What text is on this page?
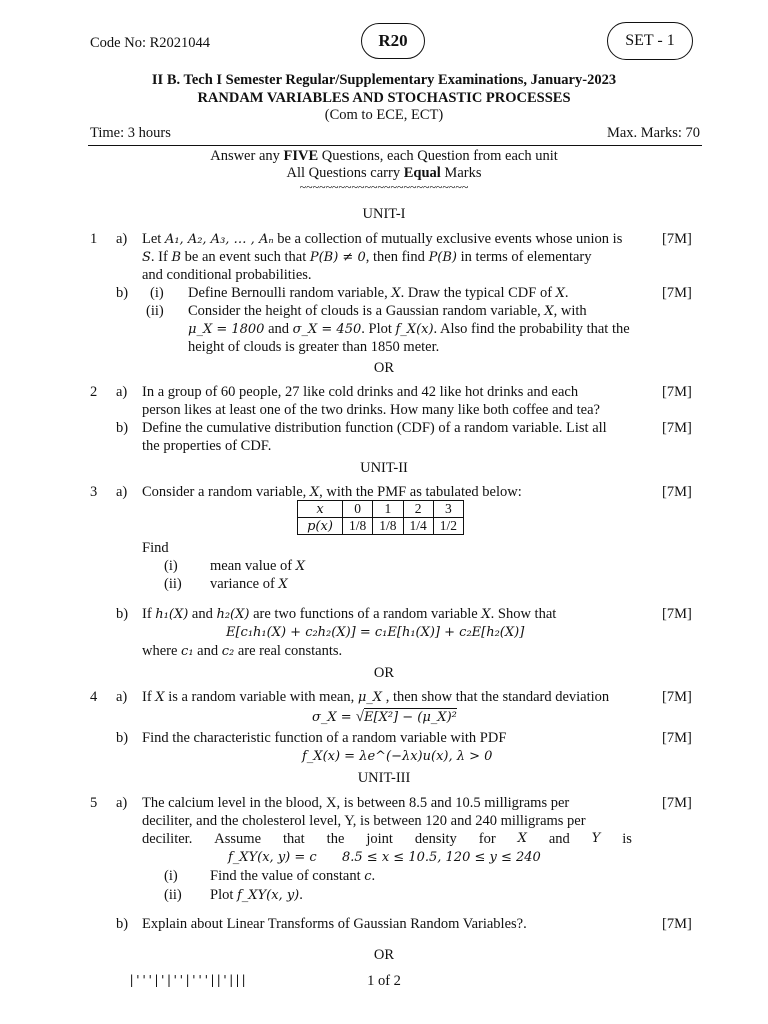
Code No: R2021044	R20	SET - 1
II B. Tech I Semester Regular/Supplementary Examinations, January-2023
RANDAM VARIABLES AND STOCHASTIC PROCESSES
(Com to ECE, ECT)
Time: 3 hours	Max. Marks: 70
Answer any FIVE Questions, each Question from each unit
All Questions carry Equal Marks
~~~~~~~~~~~~~~~~~~~~~~~~~~
UNIT-I
1 a) Let A₁, A₂, A₃, … , Aₙ be a collection of mutually exclusive events whose union is
S. If B be an event such that P(B) ≠ 0, then find P(B) in terms of elementary
and conditional probabilities.
[7M]
b) (i) Define Bernoulli random variable, X. Draw the typical CDF of X.	[7M]
(ii) Consider the height of clouds is a Gaussian random variable, X, with
μ_X = 1800 and σ_X = 450. Plot f_X(x). Also find the probability that the
height of clouds is greater than 1850 meter.
OR
2 a) In a group of 60 people, 27 like cold drinks and 42 like hot drinks and each
person likes at least one of the two drinks. How many like both coffee and tea?
[7M]
b) Define the cumulative distribution function (CDF) of a random variable. List all
the properties of CDF.
[7M]
UNIT-II
3 a) Consider a random variable, X, with the PMF as tabulated below:	[7M]
x	0	1	2	3
p(x)	1/8	1/8	1/4	1/2
Find
(i) mean value of X
(ii) variance of X
b) If h₁(X) and h₂(X) are two functions of a random variable X. Show that	[7M]
E[c₁h₁(X) + c₂h₂(X)] = c₁E[h₁(X)] + c₂E[h₂(X)]
where c₁ and c₂ are real constants.
OR
4 a) If X is a random variable with mean, μ_X , then show that the standard deviation	[7M]
σ_X = √E[X²] − (μ_X)²
b) Find the characteristic function of a random variable with PDF	[7M]
f_X(x) = λe^(−λx)u(x), λ > 0
UNIT-III
5 a) The calcium level in the blood, X, is between 8.5 and 10.5 milligrams per
deciliter, and the cholesterol level, Y, is between 120 and 240 milligrams per
deciliter. Assume that the joint density for X and Y is
[7M]
f_XY(x, y) = c 8.5 ≤ x ≤ 10.5, 120 ≤ y ≤ 240
(i) Find the value of constant c.
(ii) Plot f_XY(x, y).
b) Explain about Linear Transforms of Gaussian Random Variables?.	[7M]
OR
|'''|'|''|'''||'|||	1 of 2
